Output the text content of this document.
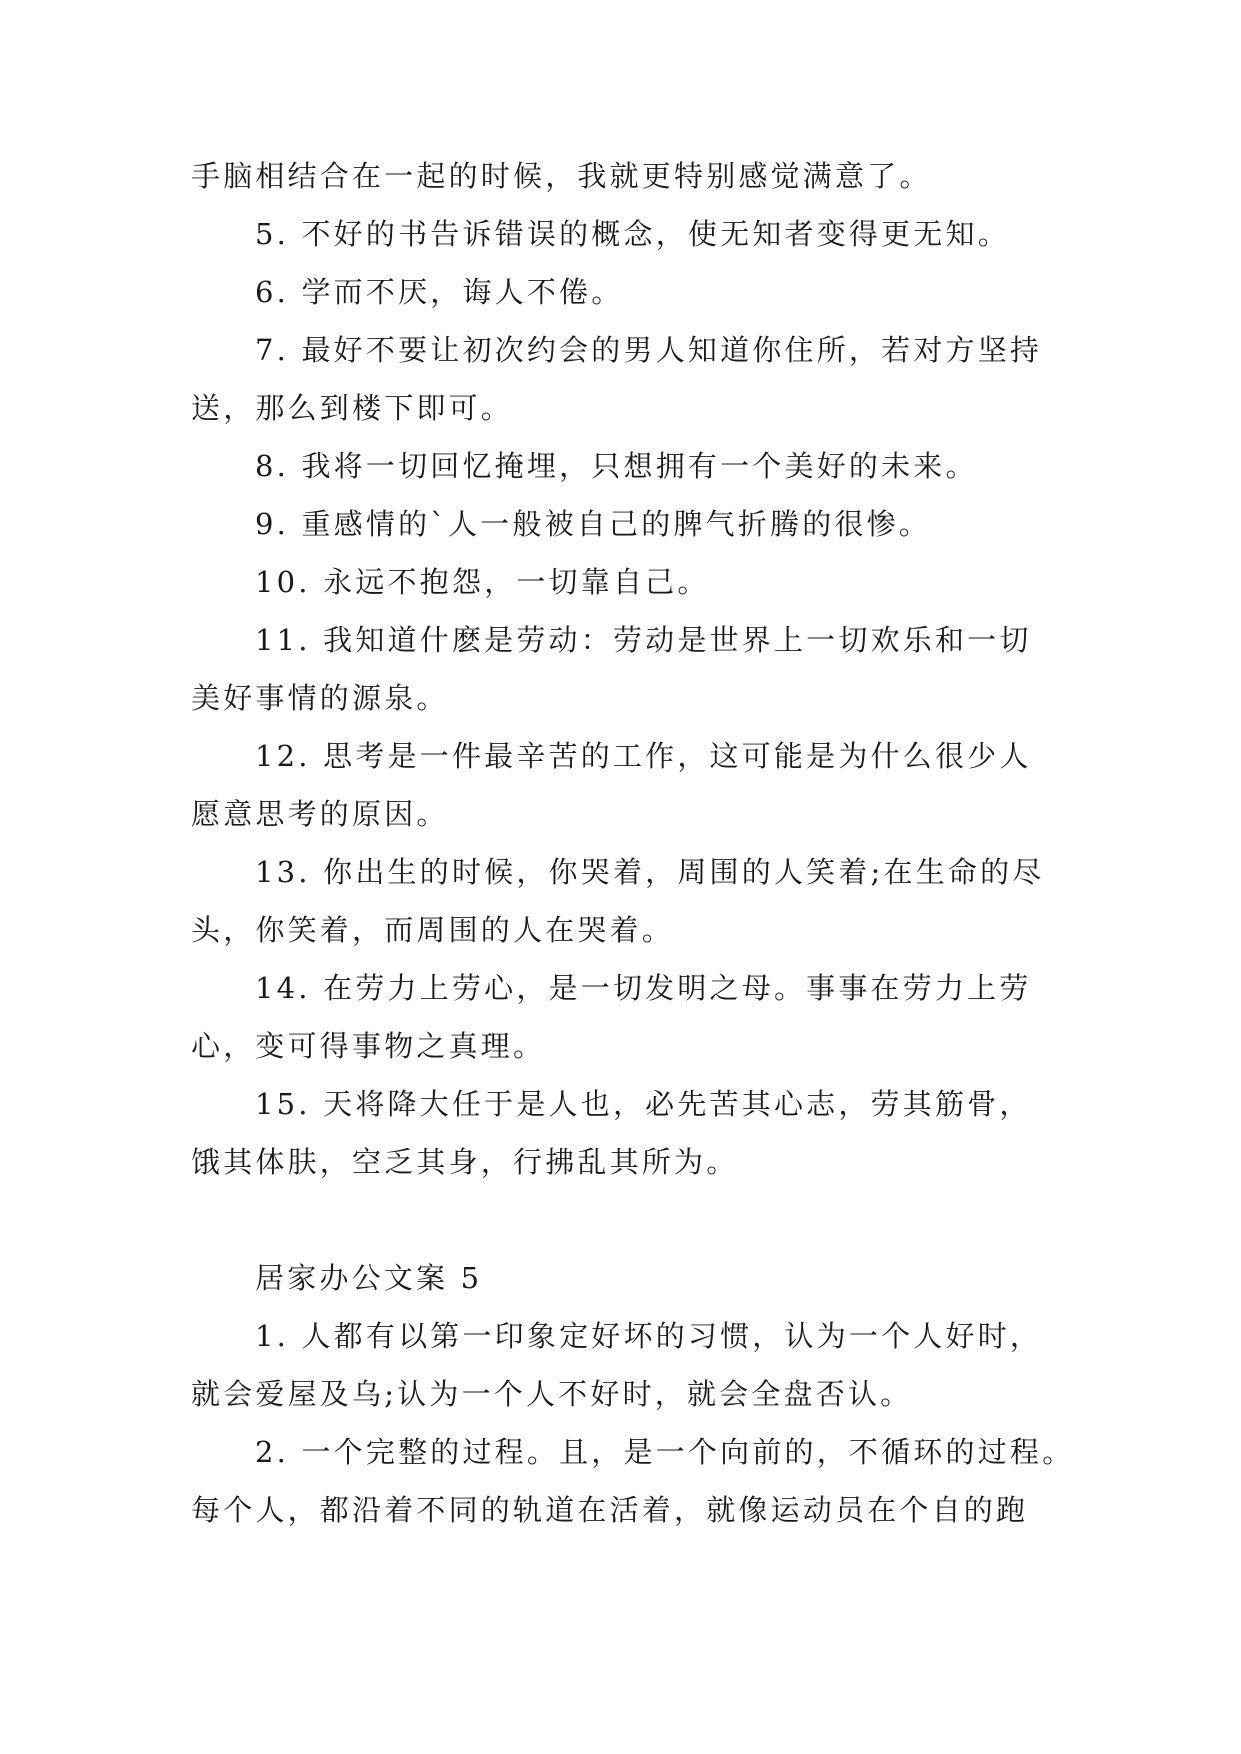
手脑相结合在一起的时候，我就更特别感觉满意了。

5. 不好的书告诉错误的概念，使无知者变得更无知。

6. 学而不厌，诲人不倦。

7. 最好不要让初次约会的男人知道你住所，若对方坚持

送，那么到楼下即可。

8. 我将一切回忆掩埋，只想拥有一个美好的未来。

9. 重感情的`人一般被自己的脾气折腾的很惨。

10. 永远不抱怨，一切靠自己。

11. 我知道什麽是劳动：劳动是世界上一切欢乐和一切

美好事情的源泉。

12. 思考是一件最辛苦的工作，这可能是为什么很少人

愿意思考的原因。

13. 你出生的时候，你哭着，周围的人笑着;在生命的尽

头，你笑着，而周围的人在哭着。

14. 在劳力上劳心，是一切发明之母。事事在劳力上劳

心，变可得事物之真理。

15. 天将降大任于是人也，必先苦其心志，劳其筋骨，

饿其体肤，空乏其身，行拂乱其所为。

居家办公文案 5

1. 人都有以第一印象定好坏的习惯，认为一个人好时，

就会爱屋及乌;认为一个人不好时，就会全盘否认。

2. 一个完整的过程。且，是一个向前的，不循环的过程。

每个人，都沿着不同的轨道在活着，就像运动员在个自的跑
